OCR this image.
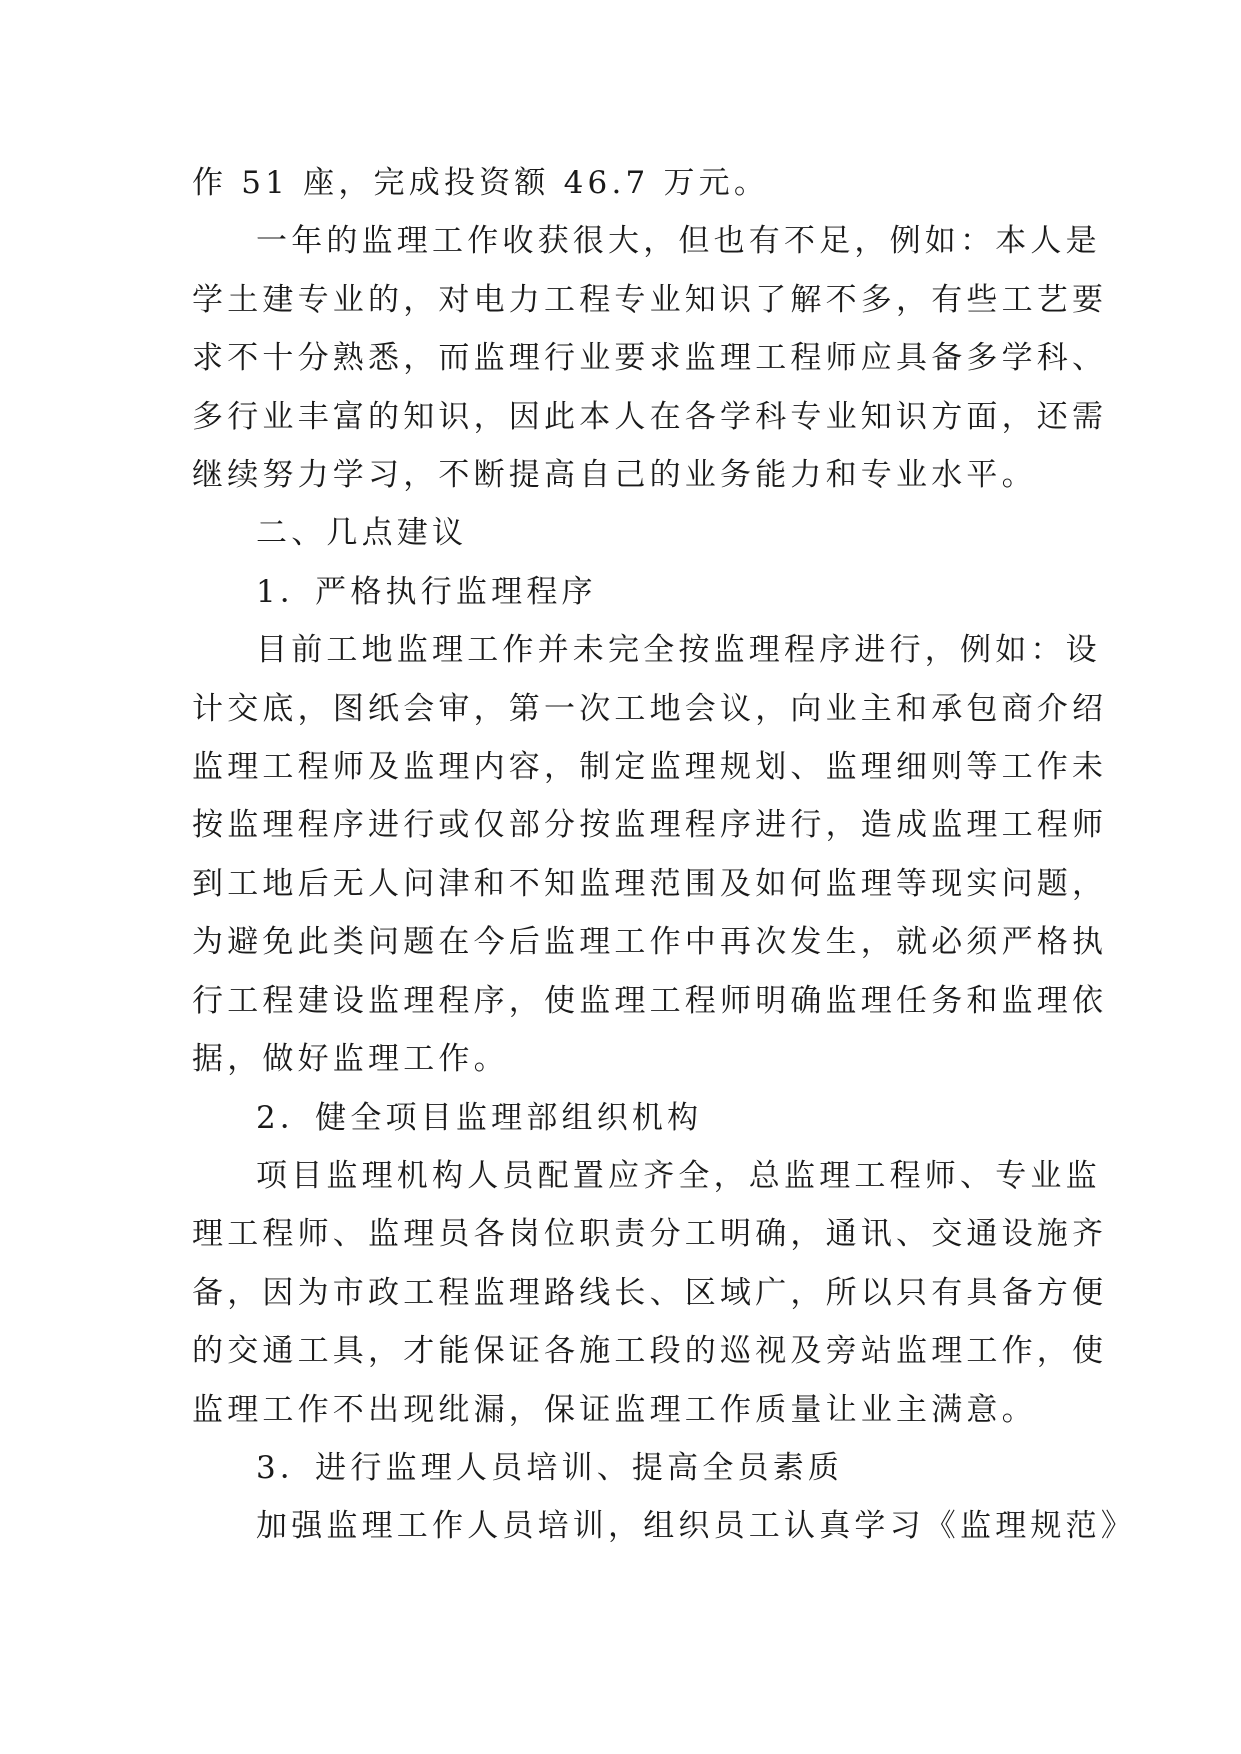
作 51 座，完成投资额 46.7 万元。
一年的监理工作收获很大，但也有不足，例如：本人是
学土建专业的，对电力工程专业知识了解不多，有些工艺要
求不十分熟悉，而监理行业要求监理工程师应具备多学科、
多行业丰富的知识，因此本人在各学科专业知识方面，还需
继续努力学习，不断提高自己的业务能力和专业水平。
二、几点建议
1．严格执行监理程序
目前工地监理工作并未完全按监理程序进行，例如：设
计交底，图纸会审，第一次工地会议，向业主和承包商介绍
监理工程师及监理内容，制定监理规划、监理细则等工作未
按监理程序进行或仅部分按监理程序进行，造成监理工程师
到工地后无人问津和不知监理范围及如何监理等现实问题，
为避免此类问题在今后监理工作中再次发生，就必须严格执
行工程建设监理程序，使监理工程师明确监理任务和监理依
据，做好监理工作。
2．健全项目监理部组织机构
项目监理机构人员配置应齐全，总监理工程师、专业监
理工程师、监理员各岗位职责分工明确，通讯、交通设施齐
备，因为市政工程监理路线长、区域广，所以只有具备方便
的交通工具，才能保证各施工段的巡视及旁站监理工作，使
监理工作不出现纰漏，保证监理工作质量让业主满意。
3．进行监理人员培训、提高全员素质
加强监理工作人员培训，组织员工认真学习《监理规范》
